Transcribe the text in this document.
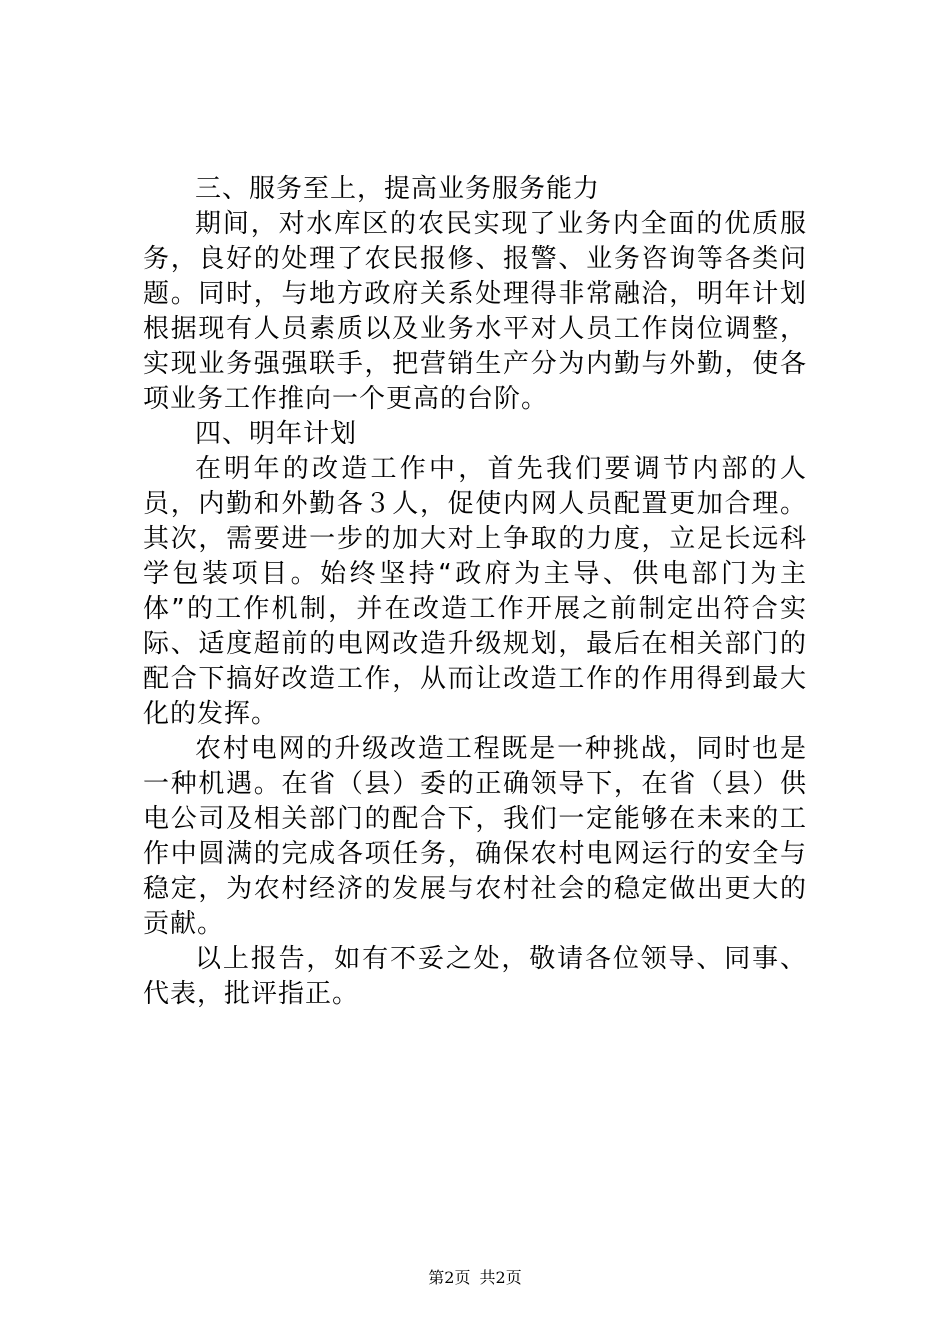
三、服务至上，提高业务服务能力

期间，对水库区的农民实现了业务内全面的优质服务，良好的处理了农民报修、报警、业务咨询等各类问题。同时，与地方政府关系处理得非常融洽，明年计划根据现有人员素质以及业务水平对人员工作岗位调整，实现业务强强联手，把营销生产分为内勤与外勤，使各项业务工作推向一个更高的台阶。

四、明年计划

在明年的改造工作中，首先我们要调节内部的人员，内勤和外勤各３人，促使内网人员配置更加合理。其次，需要进一步的加大对上争取的力度，立足长远科学包装项目。始终坚持“政府为主导、供电部门为主体”的工作机制，并在改造工作开展之前制定出符合实际、适度超前的电网改造升级规划，最后在相关部门的配合下搞好改造工作，从而让改造工作的作用得到最大化的发挥。

农村电网的升级改造工程既是一种挑战，同时也是一种机遇。在省（县）委的正确领导下，在省（县）供电公司及相关部门的配合下，我们一定能够在未来的工作中圆满的完成各项任务，确保农村电网运行的安全与稳定，为农村经济的发展与农村社会的稳定做出更大的贡献。

以上报告，如有不妥之处，敬请各位领导、同事、代表，批评指正。

第2页 共2页
